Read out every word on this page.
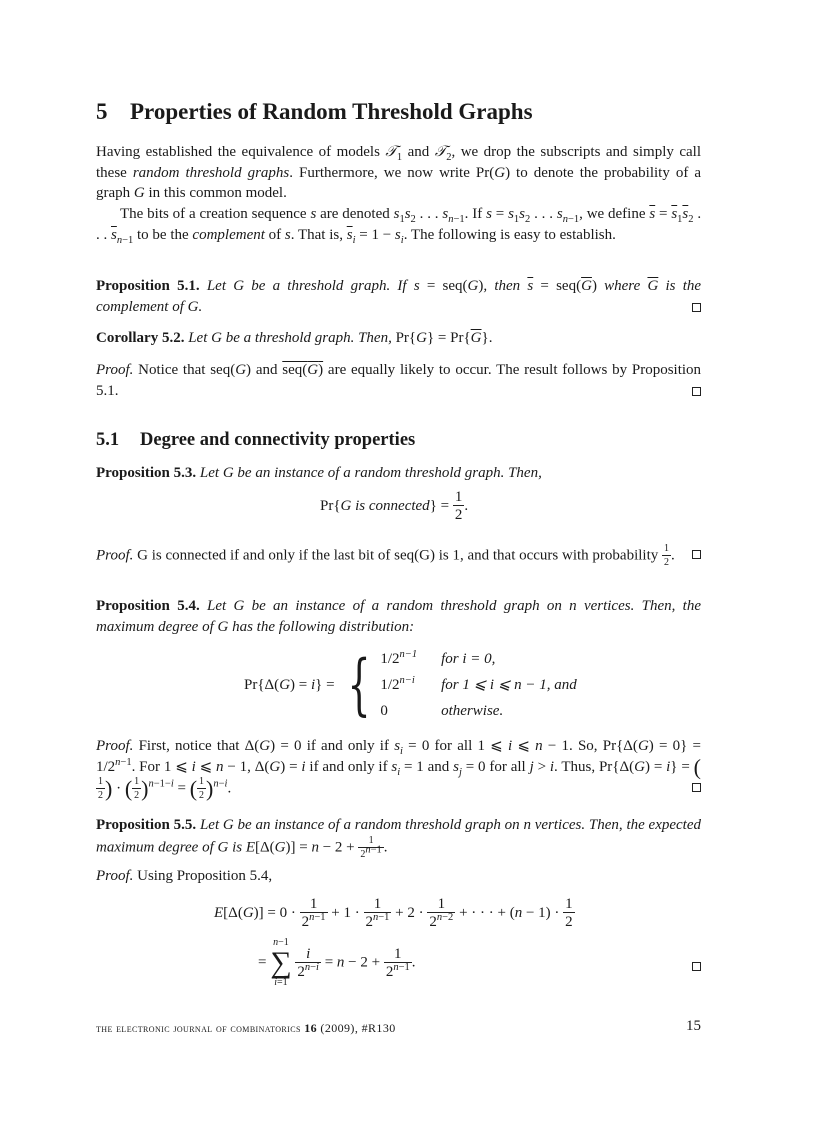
5 Properties of Random Threshold Graphs
Having established the equivalence of models 𝒯$_1$ and 𝒯$_2$, we drop the subscripts and simply call these random threshold graphs. Furthermore, we now write Pr(G) to denote the probability of a graph G in this common model.
The bits of a creation sequence s are denoted $s_1s_2$ . . . $s_{n-1}$. If $s = s_1s_2$ . . . $s_{n-1}$, we define $\overline{s} = \overline{s}_1\overline{s}_2$ . . . $\overline{s}_{n-1}$ to be the complement of s. That is, $\overline{s}_i = 1 - s_i$. The following is easy to establish.
Proposition 5.1. Let G be a threshold graph. If s = seq(G), then $\overline{s} = seq(\overline{G})$ where $\overline{G}$ is the complement of G.
Corollary 5.2. Let G be a threshold graph. Then, $Pr\{G\} = Pr\{\overline{G}\}$.
Proof. Notice that seq(G) and seq(G) are equally likely to occur. The result follows by Proposition 5.1.
5.1 Degree and connectivity properties
Proposition 5.3. Let G be an instance of a random threshold graph. Then,
Pr{G is connected} = $\frac{1}{2}$ .
Proof. G is connected if and only if the last bit of seq(G) is 1, and that occurs with probability $\frac{1}{2}$ .
Proposition 5.4. Let G be an instance of a random threshold graph on n vertices. Then, the maximum degree of G has the following distribution:
Pr{Δ(G) = i} = { $1/2^{n-1}$	for i = 0,
$1/2^{n-i}$	for 1 ⩽ i ⩽ n − 1, and
0	otherwise.
Proof. First, notice that Δ(G) = 0 if and only if $s_i = 0$ for all 1 ⩽ i ⩽ n − 1. So, $Pr\{\Delta(G) = 0\} = 1/2^{n-1}$. For 1 ⩽ i ⩽ n − 1, Δ(G) = i if and only if $s_i = 1$ and $s_j = 0$ for all j > i. Thus, Pr{Δ(G) = i} = (
$\frac{1}{2}$ ) · ( $\frac{1}{2} )^{n-1-i}$ = ( $\frac{1}{2} )^{n-i}$.
Proposition 5.5. Let G be an instance of a random threshold graph on n vertices. Then, the expected maximum degree of G is $E[\Delta(G)] = n - 2 + \frac{1}{2^{n-1}}$ .
Proof. Using Proposition 5.4,
$E[\Delta(G)] = 0 \cdot \frac{1}{2^{n-1}} + 1 \cdot \frac{1}{2^{n-1}} + 2 \cdot \frac{1}{2^{n-2}}$ + · · · + $(n - 1) \cdot \frac{1}{2}$
=
n−1
∑
i=1

$\frac{i}{2^{n-i}} = n - 2 + \frac{1}{2^{n-1}}$ .
the electronic journal of combinatorics 16 (2009), #R130	15
